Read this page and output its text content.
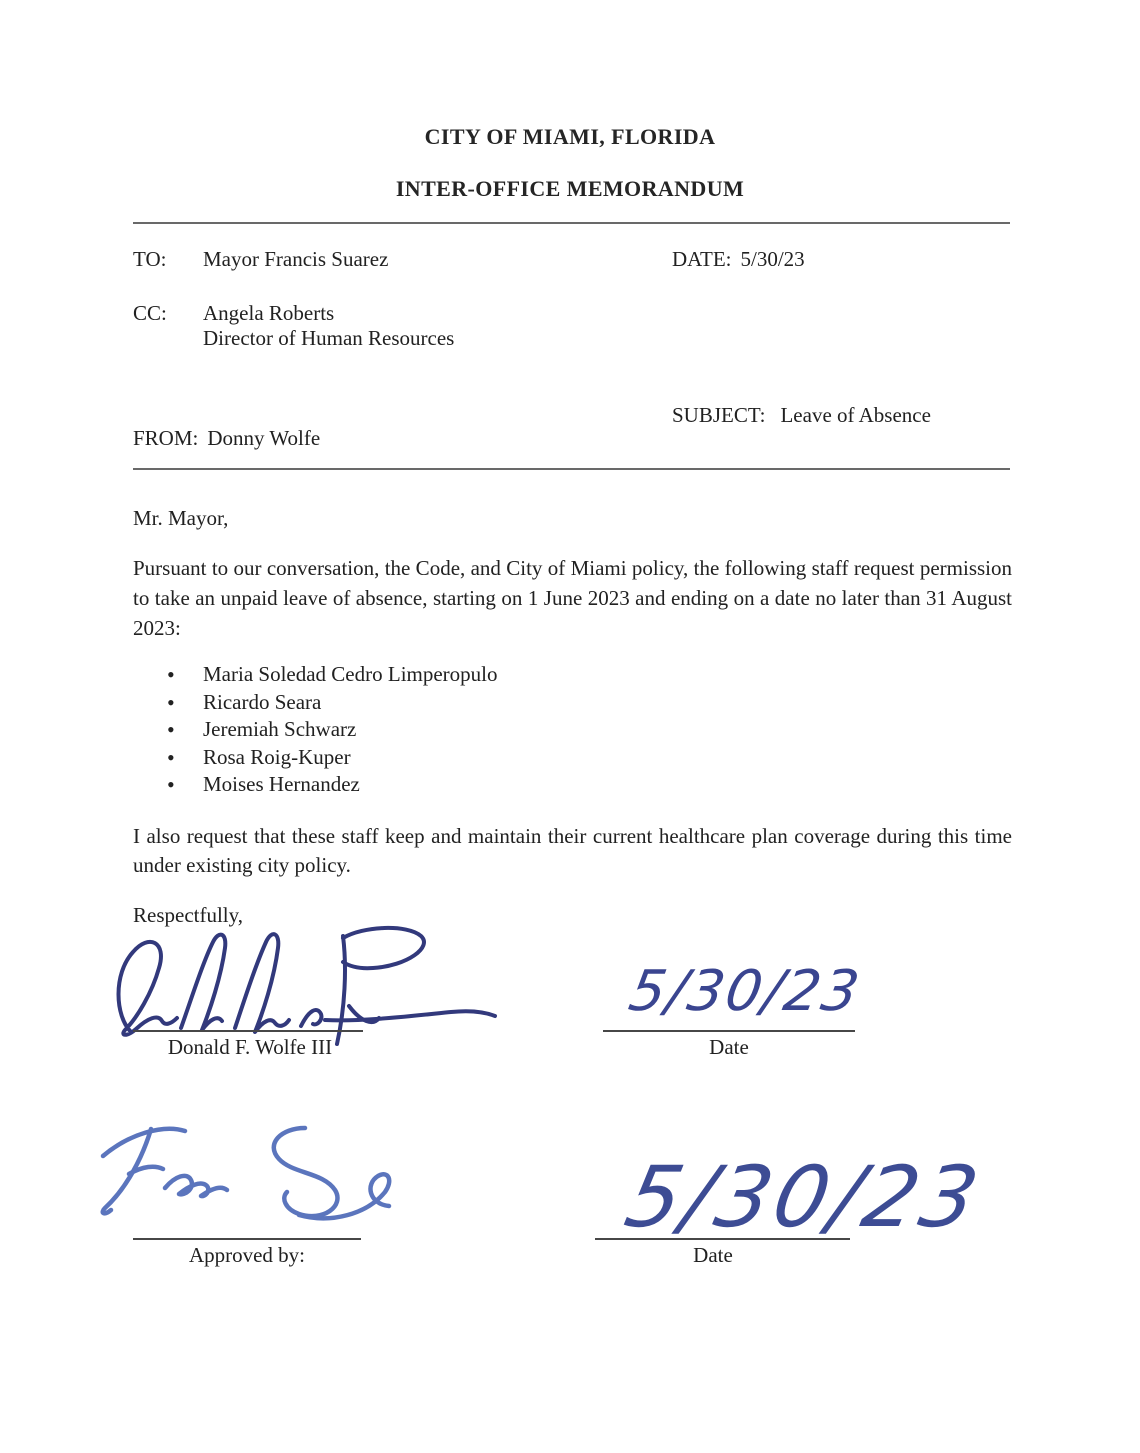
CITY OF MIAMI, FLORIDA
INTER-OFFICE MEMORANDUM
TO: Mayor Francis Suarez	DATE: 5/30/23
CC: Angela Roberts
Director of Human Resources
SUBJECT: Leave of Absence
FROM: Donny Wolfe
Mr. Mayor,
Pursuant to our conversation, the Code, and City of Miami policy, the following staff request permission to take an unpaid leave of absence, starting on 1 June 2023 and ending on a date no later than 31 August 2023:
• Maria Soledad Cedro Limperopulo
• Ricardo Seara
• Jeremiah Schwarz
• Rosa Roig-Kuper
• Moises Hernandez
I also request that these staff keep and maintain their current healthcare plan coverage during this time under existing city policy.
Respectfully,
Donald F. Wolfe III
5/30/23
Date
Approved by:
5/30/23
Date
